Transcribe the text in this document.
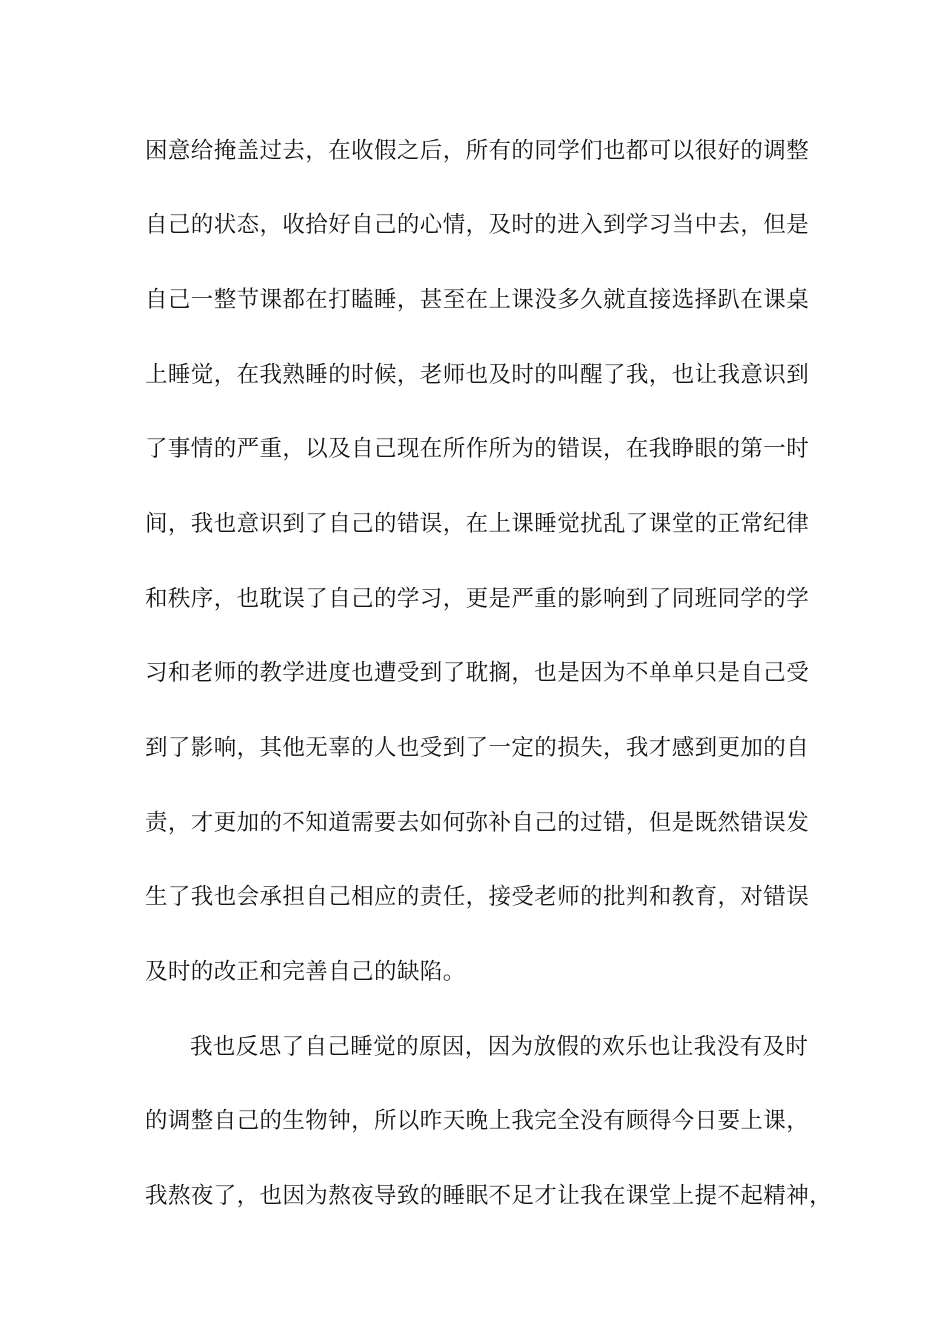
困意给掩盖过去，在收假之后，所有的同学们也都可以很好的调整
自己的状态，收拾好自己的心情，及时的进入到学习当中去，但是
自己一整节课都在打瞌睡，甚至在上课没多久就直接选择趴在课桌
上睡觉，在我熟睡的时候，老师也及时的叫醒了我，也让我意识到
了事情的严重，以及自己现在所作所为的错误，在我睁眼的第一时
间，我也意识到了自己的错误，在上课睡觉扰乱了课堂的正常纪律
和秩序，也耽误了自己的学习，更是严重的影响到了同班同学的学
习和老师的教学进度也遭受到了耽搁，也是因为不单单只是自己受
到了影响，其他无辜的人也受到了一定的损失，我才感到更加的自
责，才更加的不知道需要去如何弥补自己的过错，但是既然错误发
生了我也会承担自己相应的责任，接受老师的批判和教育，对错误
及时的改正和完善自己的缺陷。
我也反思了自己睡觉的原因，因为放假的欢乐也让我没有及时
的调整自己的生物钟，所以昨天晚上我完全没有顾得今日要上课，
我熬夜了，也因为熬夜导致的睡眠不足才让我在课堂上提不起精神，
